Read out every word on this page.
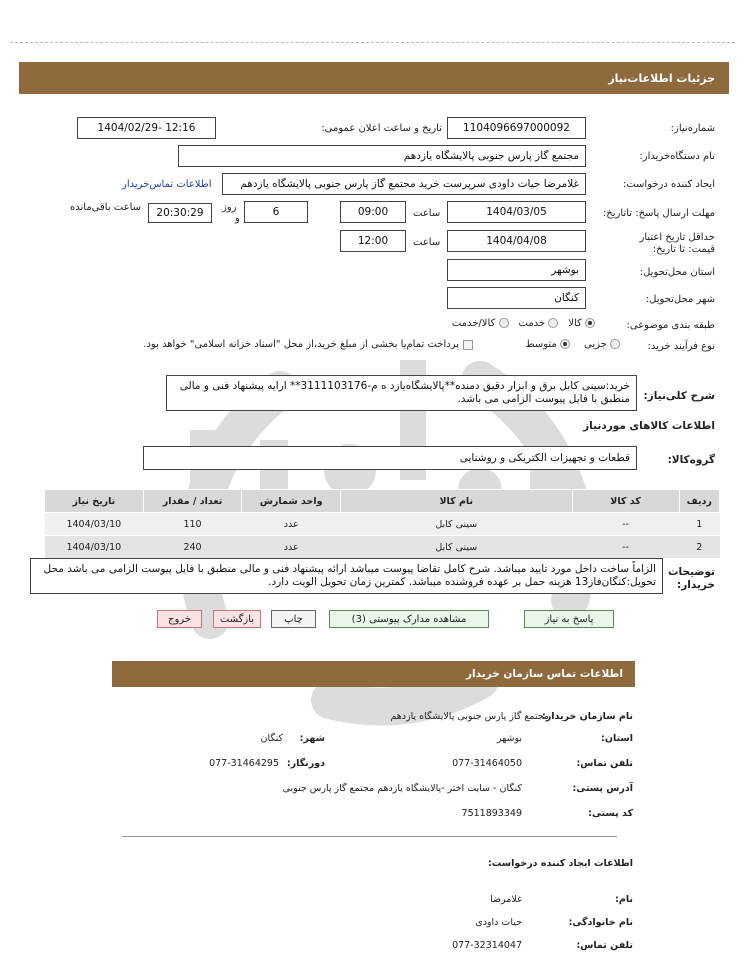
جزئیات اطلاعات‌نیاز
شماره‌نیاز:
1104096697000092
تاریخ و ساعت اعلان عمومی:
1404/02/29- 12:16
نام دستگاه‌خریدار:
مجتمع گاز پارس جنوبی پالایشگاه یازدهم
ایجاد کننده درخواست:
غلامرضا حیات داودی سرپرست خرید مجتمع گاز پارس جنوبی پالایشگاه یازدهم
اطلاعات تماس‌خریدار
مهلت ارسال پاسخ: تاتاریخ:
1404/03/05
ساعت
09:00
6
روز
و
20:30:29
ساعت باقی‌مانده
حداقل تاریخ اعتبار قیمت: تا تاریخ:
1404/04/08
ساعت
12:00
استان محل‌تحویل:
بوشهر
شهر محل‌تحویل:
کنگان
طبقه بندی موضوعی:
کالا
خدمت
کالا/خدمت
نوع فرآیند خرید:
جزیی
متوسط
پرداخت تمام‌یا بخشی از مبلغ خرید،از محل "اسناد خزانه اسلامی" خواهد بود.
شرح کلی‌نیاز:
خرید:سینی کابل برق و ابزار دقیق دمنده**پالایشگاه‌یازد ه م-3111103176** ارایه پیشنهاد فنی و مالی منطبق با فایل پیوست الزامی می باشد.
اطلاعات کالاهای موردنیاز
گروه‌کالا:
قطعات و تجهیزات الکتریکی و روشنایی
ردیف	کد کالا	نام کالا	واحد شمارش	تعداد / مقدار	تاریخ نیاز
1	--	سینی کابل	عدد	110	1404/03/10
2	--	سینی کابل	عدد	240	1404/03/10
توضیحات خریدار:
الزاماً ساخت داخل مورد تایید میباشد. شرح کامل تقاضا پیوست میباشد ارائه پیشنهاد فنی و مالی منطبق با فایل پیوست الزامی می باشد محل تحویل:کنگان‌فاز13 هزینه حمل بر عهده فروشنده میباشد. کمترین زمان تحویل الویت دارد.
پاسخ به نیاز
مشاهده مدارک پیوستی (3)
چاپ
بازگشت
خروج
اطلاعات تماس سازمان خریدار
نام سازمان خریدار:
مجتمع گاز پارس جنوبی پالایشگاه یازدهم
استان:
بوشهر
شهر:
کنگان
تلفن تماس:
077-31464050
دورنگار:
077-31464295
آدرس پستی:
کنگان - سایت اختر -پالایشگاه یازدهم مجتمع گاز پارس جنوبی
کد پستی:
7511893349
اطلاعات ایجاد کننده درخواست:
نام:
غلامرضا
نام خانوادگی:
حیات داودی
تلفن تماس:
077-32314047
